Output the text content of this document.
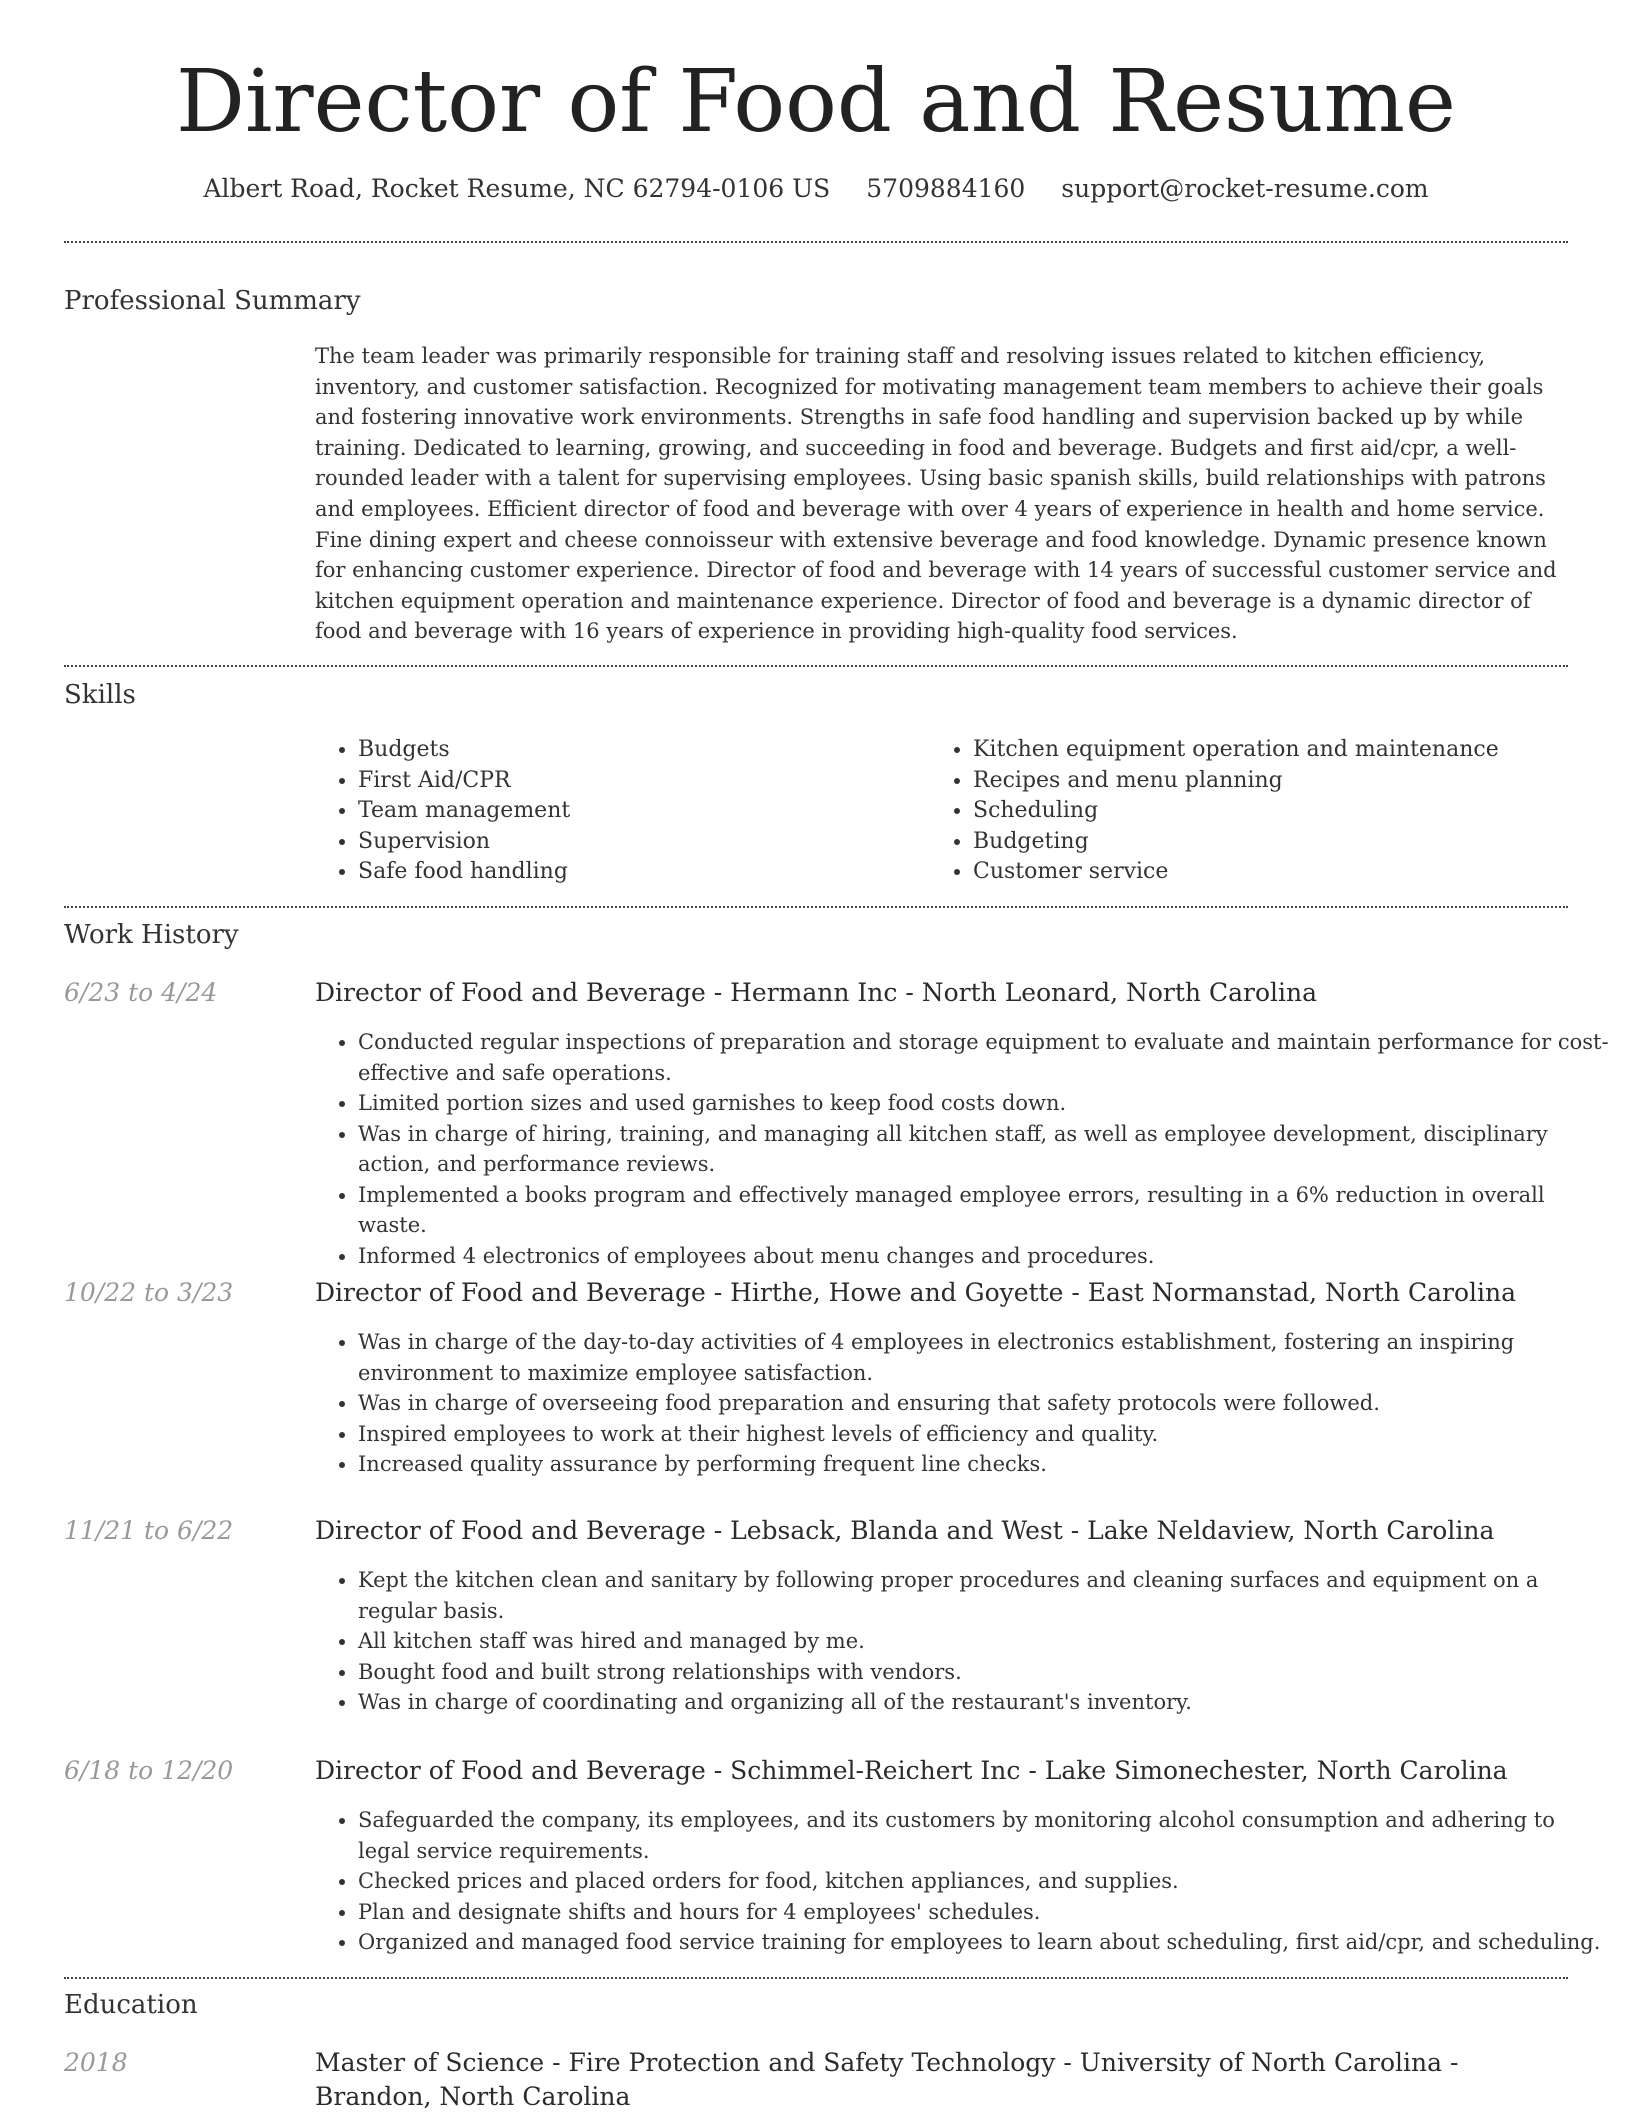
Director of Food and Resume
Albert Road, Rocket Resume, NC 62794-0106 US 5709884160 support@rocket-resume.com
Professional Summary

The team leader was primarily responsible for training staff and resolving issues related to kitchen efficiency, inventory, and customer satisfaction. Recognized for motivating management team members to achieve their goals and fostering innovative work environments. Strengths in safe food handling and supervision backed up by while training. Dedicated to learning, growing, and succeeding in food and beverage. Budgets and first aid/cpr, a well-rounded leader with a talent for supervising employees. Using basic spanish skills, build relationships with patrons and employees. Efficient director of food and beverage with over 4 years of experience in health and home service. Fine dining expert and cheese connoisseur with extensive beverage and food knowledge. Dynamic presence known for enhancing customer experience. Director of food and beverage with 14 years of successful customer service and kitchen equipment operation and maintenance experience. Director of food and beverage is a dynamic director of food and beverage with 16 years of experience in providing high-quality food services.

Skills
• Budgets
• First Aid/CPR
• Team management
• Supervision
• Safe food handling
• Kitchen equipment operation and maintenance
• Recipes and menu planning
• Scheduling
• Budgeting
• Customer service
Work History
6/23 to 4/24	Director of Food and Beverage - Hermann Inc - North Leonard, North Carolina
• Conducted regular inspections of preparation and storage equipment to evaluate and maintain performance for cost-effective and safe operations.
• Limited portion sizes and used garnishes to keep food costs down.
• Was in charge of hiring, training, and managing all kitchen staff, as well as employee development, disciplinary action, and performance reviews.
• Implemented a books program and effectively managed employee errors, resulting in a 6% reduction in overall waste.
• Informed 4 electronics of employees about menu changes and procedures.
10/22 to 3/23	Director of Food and Beverage - Hirthe, Howe and Goyette - East Normanstad, North Carolina
• Was in charge of the day-to-day activities of 4 employees in electronics establishment, fostering an inspiring environment to maximize employee satisfaction.
• Was in charge of overseeing food preparation and ensuring that safety protocols were followed.
• Inspired employees to work at their highest levels of efficiency and quality.
• Increased quality assurance by performing frequent line checks.
11/21 to 6/22	Director of Food and Beverage - Lebsack, Blanda and West - Lake Neldaview, North Carolina
• Kept the kitchen clean and sanitary by following proper procedures and cleaning surfaces and equipment on a regular basis.
• All kitchen staff was hired and managed by me.
• Bought food and built strong relationships with vendors.
• Was in charge of coordinating and organizing all of the restaurant's inventory.
6/18 to 12/20	Director of Food and Beverage - Schimmel-Reichert Inc - Lake Simonechester, North Carolina
• Safeguarded the company, its employees, and its customers by monitoring alcohol consumption and adhering to legal service requirements.
• Checked prices and placed orders for food, kitchen appliances, and supplies.
• Plan and designate shifts and hours for 4 employees' schedules.
• Organized and managed food service training for employees to learn about scheduling, first aid/cpr, and scheduling.
Education
2018	Master of Science - Fire Protection and Safety Technology - University of North Carolina - Brandon, North Carolina
